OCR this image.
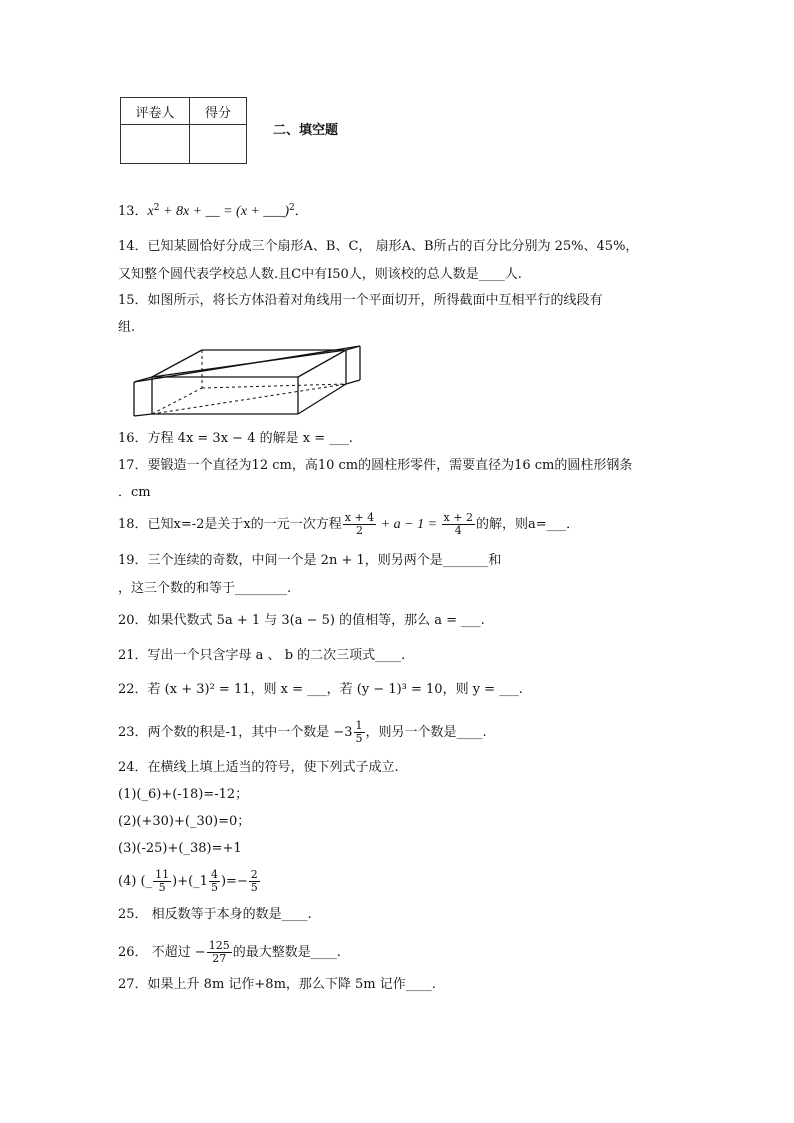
评卷人	得分

二、填空题
13．$x^2 + 8x$ + __ = (x + ___)$^2$．
14．已知某圆恰好分成三个扇形A、B、C， 扇形A、B所占的百分比分别为 25%、45%，
又知整个圆代表学校总人数.且C中有I50人，则该校的总人数是____人.
15．如图所示，将长方体沿着对角线用一个平面切开，所得截面中互相平行的线段有
组.
16．方程 4x = 3x − 4 的解是 x = ___.
17．要锻造一个直径为12 cm，高10 cm的圆柱形零件，需要直径为16 cm的圆柱形钢条
．cm
18．已知x=-2是关于x的一元一次方程 $\frac{x + 4}{2} + a - 1 = \frac{x + 2}{4}$ 的解，则a=___．
19．三个连续的奇数，中间一个是 2n + 1，则另两个是_______和
，这三个数的和等于________.
20．如果代数式 5a + 1 与 3(a − 5) 的值相等，那么 a = ___.
21．写出一个只含字母 a 、 b 的二次三项式____.
22．若 (x + 3)² = 11，则 x = ___，若 (y − 1)³ = 10，则 y = ___.
23．两个数的积是-1，其中一个数是 $-3 \frac{1}{5}$ ，则另一个数是____.
24．在横线上填上适当的符号，使下列式子成立.
(1)(_6)+(-18)=-12；
(2)(+30)+(_30)=0；
(3)(-25)+(_38)=+1
(4) (_ $\frac{11}{5}$ )+(_1 $\frac{4}{5}$ )=− $\frac{2}{5}$
25． 相反数等于本身的数是____.
26． 不超过 − $\frac{125}{27}$ 的最大整数是____.
27．如果上升 8m 记作+8m，那么下降 5m 记作____.
